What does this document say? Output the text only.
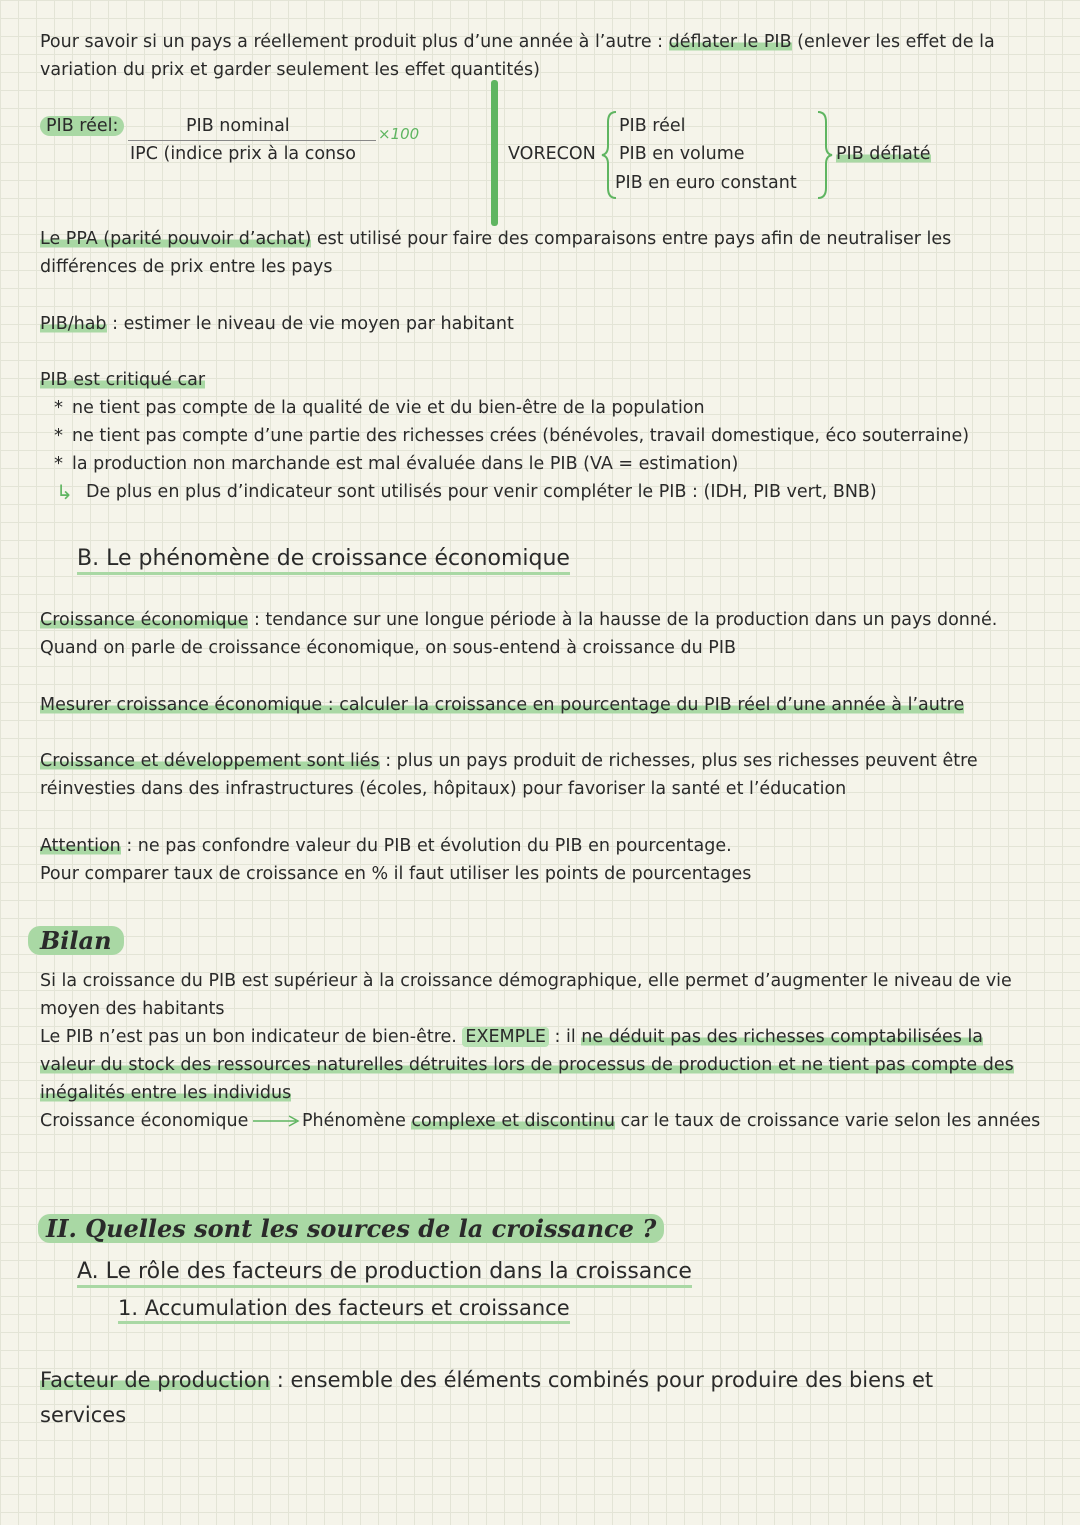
Pour savoir si un pays a réellement produit plus d’une année à l’autre : déflater le PIB (enlever les effet de la
variation du prix et garder seulement les effet quantités)
PIB réel:	PIB nominal
IPC (indice prix à la conso
×100
VORECON
PIB réel
PIB en volume
PIB en euro constant
PIB déflaté
Le PPA (parité pouvoir d’achat) est utilisé pour faire des comparaisons entre pays afin de neutraliser les
différences de prix entre les pays
PIB/hab : estimer le niveau de vie moyen par habitant
PIB est critiqué car
* ne tient pas compte de la qualité de vie et du bien-être de la population
* ne tient pas compte d’une partie des richesses crées (bénévoles, travail domestique, éco souterraine)
* la production non marchande est mal évaluée dans le PIB (VA = estimation)
↳ De plus en plus d’indicateur sont utilisés pour venir compléter le PIB : (IDH, PIB vert, BNB)
B. Le phénomène de croissance économique
Croissance économique : tendance sur une longue période à la hausse de la production dans un pays donné.
Quand on parle de croissance économique, on sous-entend à croissance du PIB
Mesurer croissance économique : calculer la croissance en pourcentage du PIB réel d’une année à l’autre
Croissance et développement sont liés : plus un pays produit de richesses, plus ses richesses peuvent être
réinvesties dans des infrastructures (écoles, hôpitaux) pour favoriser la santé et l’éducation
Attention : ne pas confondre valeur du PIB et évolution du PIB en pourcentage.
Pour comparer taux de croissance en % il faut utiliser les points de pourcentages
Bilan
Si la croissance du PIB est supérieur à la croissance démographique, elle permet d’augmenter le niveau de vie
moyen des habitants
Le PIB n’est pas un bon indicateur de bien-être. EXEMPLE : il ne déduit pas des richesses comptabilisées la
valeur du stock des ressources naturelles détruites lors de processus de production et ne tient pas compte des
inégalités entre les individus
Croissance économique	Phénomène complexe et discontinu car le taux de croissance varie selon les années
II. Quelles sont les sources de la croissance ?
A. Le rôle des facteurs de production dans la croissance
1. Accumulation des facteurs et croissance
Facteur de production : ensemble des éléments combinés pour produire des biens et
services
